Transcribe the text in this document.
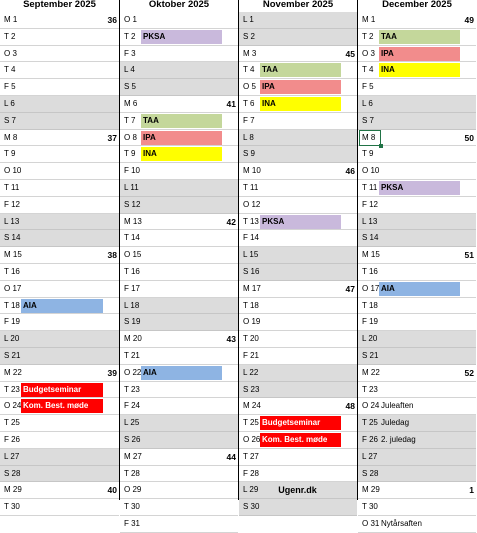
September 2025
M 1	36
T 2
O 3
T 4
F 5
L 6
S 7
M 8	37
T 9
O 10
T 11
F 12
L 13
S 14
M 15	38
T 16
O 17
T 18 AIA
F 19
L 20
S 21
M 22	39
T 23 Budgetseminar
O 24 Kom. Best. møde
T 25
F 26
L 27
S 28
M 29	40
T 30
Oktober 2025
O 1
T 2 PKSA
F 3
L 4
S 5
M 6	41
T 7 TAA
O 8 IPA
T 9 INA
F 10
L 11
S 12
M 13	42
T 14
O 15
T 16
F 17
L 18
S 19
M 20	43
T 21
O 22 AIA
T 23
F 24
L 25
S 26
M 27	44
T 28
O 29
T 30
F 31
November 2025
L 1
S 2
M 3	45
T 4 TAA
O 5 IPA
T 6 INA
F 7
L 8
S 9
M 10	46
T 11
O 12
T 13 PKSA
F 14
L 15
S 16
M 17	47
T 18
O 19
T 20
F 21
L 22
S 23
M 24	48
T 25 Budgetseminar
O 26 Kom. Best. møde
T 27
F 28
L 29
S 30
December 2025
M 1	49
T 2 TAA
O 3 IPA
T 4 INA
F 5
L 6
S 7
M 8	50
T 9
O 10
T 11 PKSA
F 12
L 13
S 14
M 15	51
T 16
O 17 AIA
T 18
F 19
L 20
S 21
M 22	52
T 23
O 24 Juleaften
T 25 Juledag
F 26 2. juledag
L 27
S 28
M 29	1
T 30
O 31 Nytårsaften
Ugenr.dk
